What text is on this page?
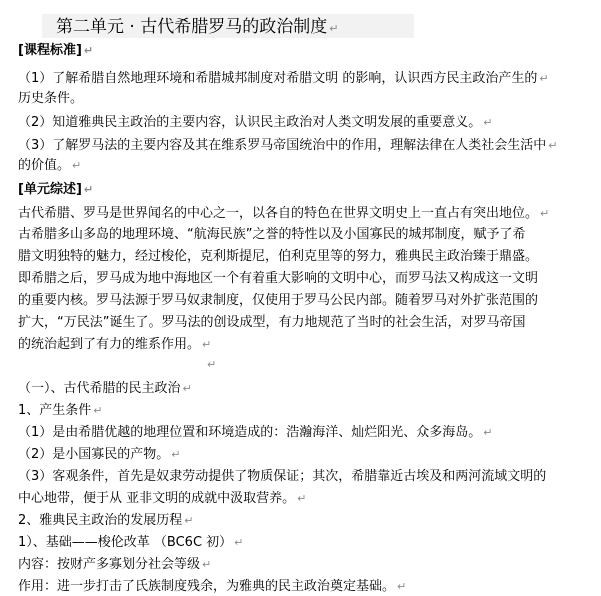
第二单元 · 古代希腊罗马的政治制度 ↵
[课程标准] ↵
（1）了解希腊自然地理环境和希腊城邦制度对希腊文明 的影响，认识西方民主政治产生的 ↵
历史条件。
（2）知道雅典民主政治的主要内容，认识民主政治对人类文明发展的重要意义。 ↵
（3）了解罗马法的主要内容及其在维系罗马帝国统治中的作用，理解法律在人类社会生活中 ↵
的价值。 ↵
[单元综述] ↵
古代希腊、罗马是世界闻名的中心之一，以各自的特色在世界文明史上一直占有突出地位。 ↵
古希腊多山多岛的地理环境、“航海民族”之誉的特性以及小国寡民的城邦制度，赋予了希
腊文明独特的魅力，经过梭伦，克利斯提尼，伯利克里等的努力，雅典民主政治臻于鼎盛。
即希腊之后，罗马成为地中海地区一个有着重大影响的文明中心，而罗马法又构成这一文明
的重要内核。罗马法源于罗马奴隶制度，仅使用于罗马公民内部。随着罗马对外扩张范围的
扩大，“万民法”诞生了。罗马法的创设成型，有力地规范了当时的社会生活，对罗马帝国
的统治起到了有力的维系作用。 ↵
↵
（一）、古代希腊的民主政治 ↵
1、产生条件 ↵
（1）是由希腊优越的地理位置和环境造成的：浩瀚海洋、灿烂阳光、众多海岛。 ↵
（2）是小国寡民的产物。 ↵
（3）客观条件，首先是奴隶劳动提供了物质保证；其次，希腊靠近古埃及和两河流域文明的
中心地带，便于从 亚非文明的成就中汲取营养。 ↵
2、雅典民主政治的发展历程 ↵
1）、基础——梭伦改革 （BC6C 初） ↵
内容：按财产多寡划分社会等级 ↵
作用：进一步打击了氏族制度残余，为雅典的民主政治奠定基础。 ↵
